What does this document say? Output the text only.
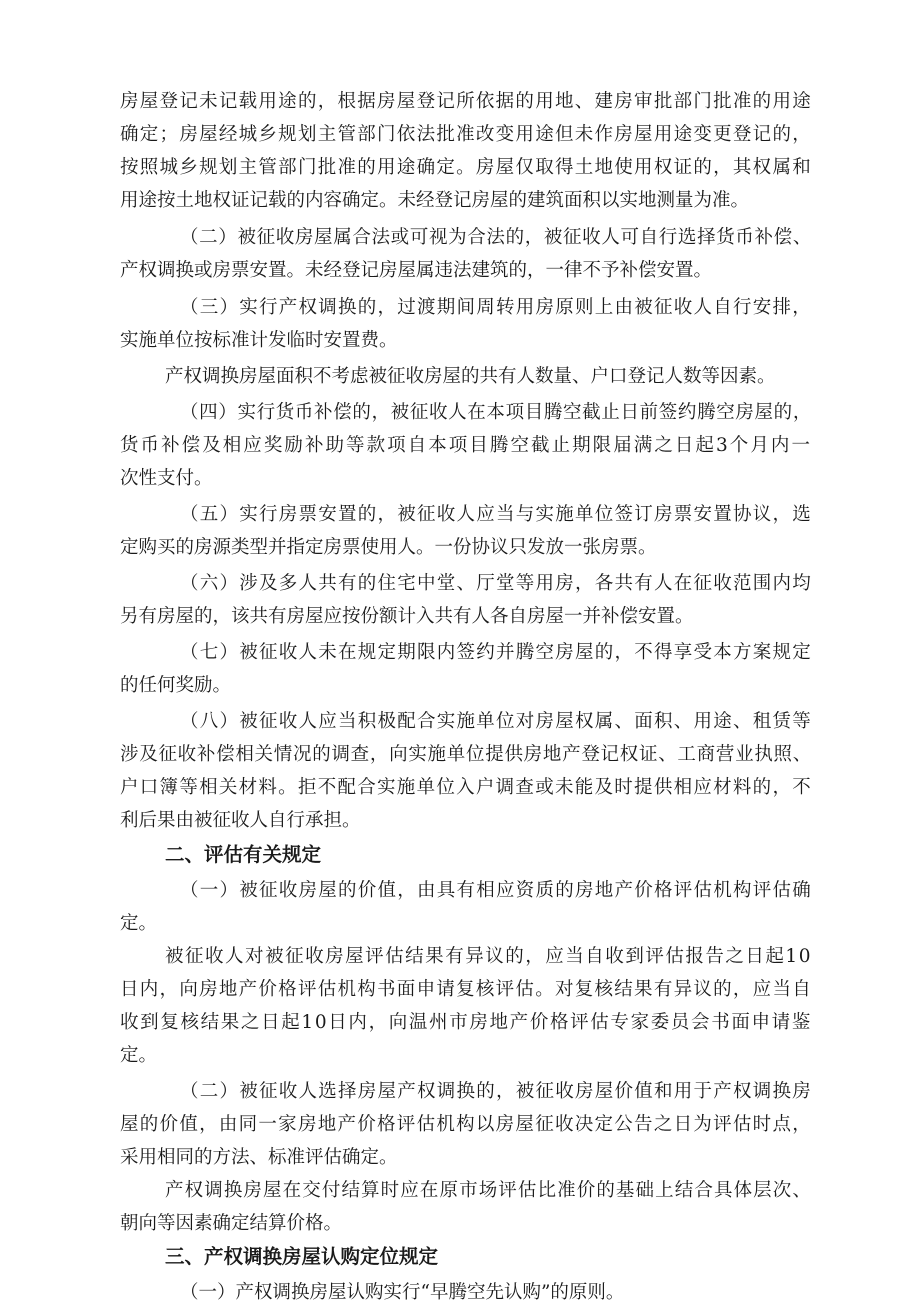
房屋登记未记载用途的，根据房屋登记所依据的用地、建房审批部门批准的用途
确定；房屋经城乡规划主管部门依法批准改变用途但未作房屋用途变更登记的，
按照城乡规划主管部门批准的用途确定。房屋仅取得土地使用权证的，其权属和
用途按土地权证记载的内容确定。未经登记房屋的建筑面积以实地测量为准。
（二）被征收房屋属合法或可视为合法的，被征收人可自行选择货币补偿、
产权调换或房票安置。未经登记房屋属违法建筑的，一律不予补偿安置。
（三）实行产权调换的，过渡期间周转用房原则上由被征收人自行安排，
实施单位按标准计发临时安置费。
产权调换房屋面积不考虑被征收房屋的共有人数量、户口登记人数等因素。
（四）实行货币补偿的，被征收人在本项目腾空截止日前签约腾空房屋的，
货币补偿及相应奖励补助等款项自本项目腾空截止期限届满之日起3个月内一
次性支付。
（五）实行房票安置的，被征收人应当与实施单位签订房票安置协议，选
定购买的房源类型并指定房票使用人。一份协议只发放一张房票。
（六）涉及多人共有的住宅中堂、厅堂等用房，各共有人在征收范围内均
另有房屋的，该共有房屋应按份额计入共有人各自房屋一并补偿安置。
（七）被征收人未在规定期限内签约并腾空房屋的，不得享受本方案规定
的任何奖励。
（八）被征收人应当积极配合实施单位对房屋权属、面积、用途、租赁等
涉及征收补偿相关情况的调查，向实施单位提供房地产登记权证、工商营业执照、
户口簿等相关材料。拒不配合实施单位入户调查或未能及时提供相应材料的，不
利后果由被征收人自行承担。
二、评估有关规定
（一）被征收房屋的价值，由具有相应资质的房地产价格评估机构评估确
定。
被征收人对被征收房屋评估结果有异议的，应当自收到评估报告之日起10
日内，向房地产价格评估机构书面申请复核评估。对复核结果有异议的，应当自
收到复核结果之日起10日内，向温州市房地产价格评估专家委员会书面申请鉴
定。
（二）被征收人选择房屋产权调换的，被征收房屋价值和用于产权调换房
屋的价值，由同一家房地产价格评估机构以房屋征收决定公告之日为评估时点，
采用相同的方法、标准评估确定。
产权调换房屋在交付结算时应在原市场评估比准价的基础上结合具体层次、
朝向等因素确定结算价格。
三、产权调换房屋认购定位规定
（一）产权调换房屋认购实行“早腾空先认购”的原则。
